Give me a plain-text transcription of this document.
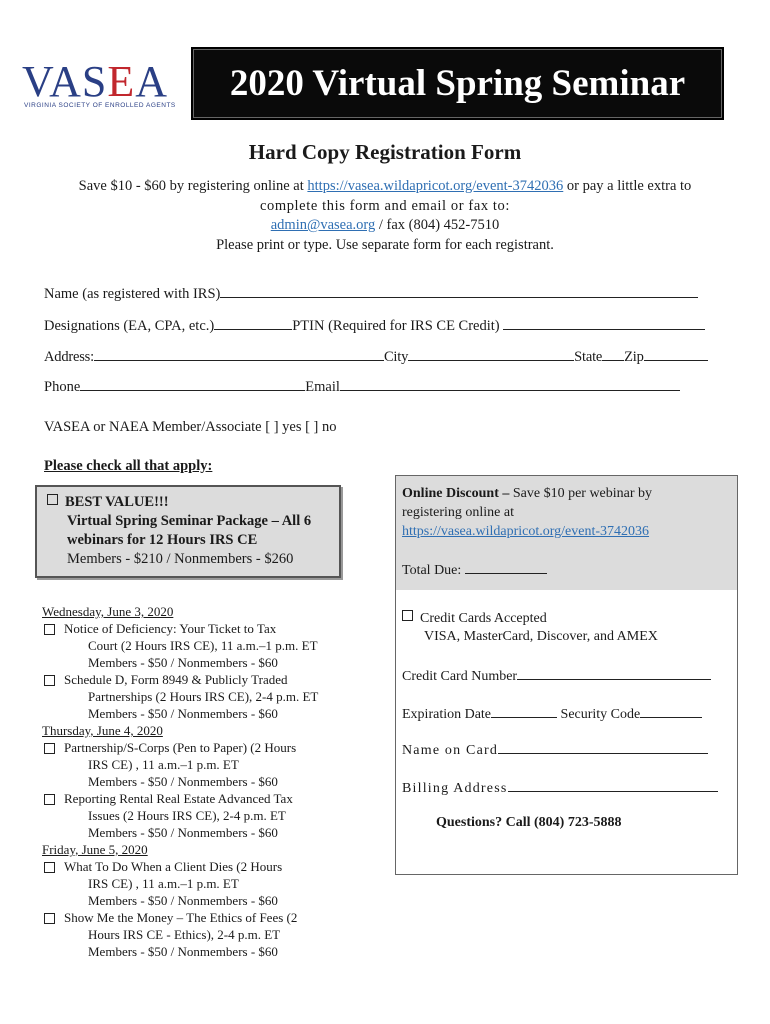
VASEA
VIRGINIA SOCIETY OF ENROLLED AGENTS
2020 Virtual Spring Seminar
Hard Copy Registration Form
Save $10 - $60 by registering online at https://vasea.wildapricot.org/event-3742036 or pay a little extra to
complete this form and email or fax to:
admin@vasea.org / fax (804) 452-7510
Please print or type. Use separate form for each registrant.
Name (as registered with IRS)
Designations (EA, CPA, etc.)	PTIN (Required for IRS CE Credit)
Address:	City	State Zip
Phone	Email
VASEA or NAEA Member/Associate [ ] yes [ ] no
Please check all that apply:
BEST VALUE!!!
Virtual Spring Seminar Package – All 6
webinars for 12 Hours IRS CE
Members - $210 / Nonmembers - $260
Wednesday, June 3, 2020
Notice of Deficiency: Your Ticket to Tax
Court (2 Hours IRS CE), 11 a.m.–1 p.m. ET
Members - $50 / Nonmembers - $60
Schedule D, Form 8949 & Publicly Traded
Partnerships (2 Hours IRS CE), 2-4 p.m. ET
Members - $50 / Nonmembers - $60
Thursday, June 4, 2020
Partnership/S-Corps (Pen to Paper) (2 Hours
IRS CE) , 11 a.m.–1 p.m. ET
Members - $50 / Nonmembers - $60
Reporting Rental Real Estate Advanced Tax
Issues (2 Hours IRS CE), 2-4 p.m. ET
Members - $50 / Nonmembers - $60
Friday, June 5, 2020
What To Do When a Client Dies (2 Hours
IRS CE) , 11 a.m.–1 p.m. ET
Members - $50 / Nonmembers - $60
Show Me the Money – The Ethics of Fees (2
Hours IRS CE - Ethics), 2-4 p.m. ET
Members - $50 / Nonmembers - $60
Online Discount – Save $10 per webinar by
registering online at
https://vasea.wildapricot.org/event-3742036
Total Due:
Credit Cards Accepted
VISA, MasterCard, Discover, and AMEX
Credit Card Number
Expiration Date	Security Code
Name on Card
Billing Address
Questions? Call (804) 723-5888
